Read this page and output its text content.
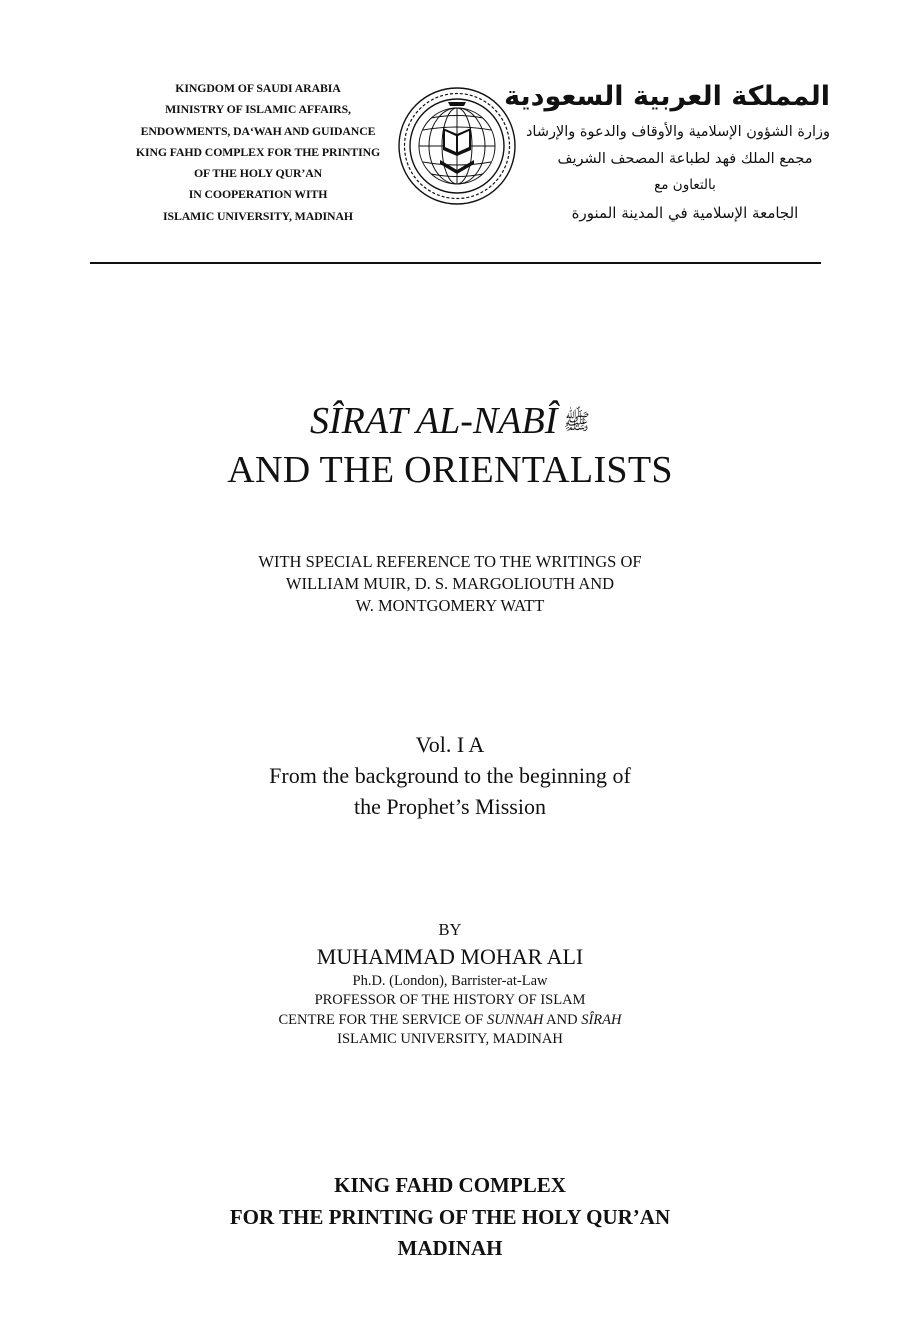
KINGDOM OF SAUDI ARABIA
MINISTRY OF ISLAMIC AFFAIRS,
ENDOWMENTS, DA‘WAH AND GUIDANCE
KING FAHD COMPLEX FOR THE PRINTING
OF THE HOLY QUR’AN
IN COOPERATION WITH
ISLAMIC UNIVERSITY, MADINAH
المملكة العربية السعودية
وزارة الشؤون الإسلامية والأوقاف والدعوة والإرشاد
مجمع الملك فهد لطباعة المصحف الشريف
بالتعاون مع
الجامعة الإسلامية في المدينة المنورة
SÎRAT AL-NABÎ ﷺ
AND THE ORIENTALISTS
WITH SPECIAL REFERENCE TO THE WRITINGS OF
WILLIAM MUIR, D. S. MARGOLIOUTH AND
W. MONTGOMERY WATT
Vol. I A
From the background to the beginning of
the Prophet’s Mission
BY
MUHAMMAD MOHAR ALI
Ph.D. (London), Barrister-at-Law
PROFESSOR OF THE HISTORY OF ISLAM
CENTRE FOR THE SERVICE OF SUNNAH AND SÎRAH
ISLAMIC UNIVERSITY, MADINAH
KING FAHD COMPLEX
FOR THE PRINTING OF THE HOLY QUR’AN
MADINAH
